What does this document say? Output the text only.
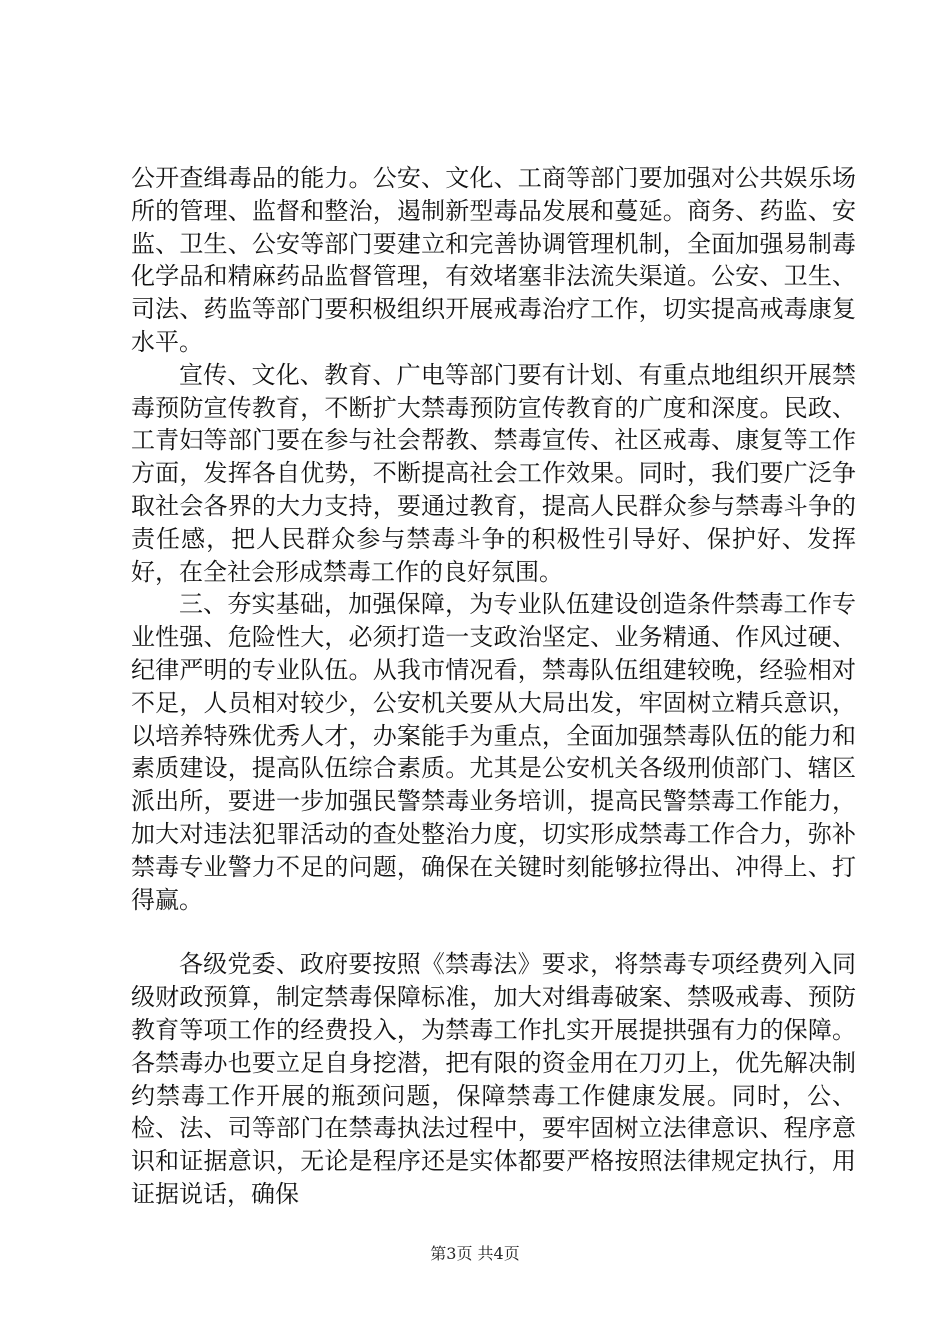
公开查缉毒品的能力。公安、文化、工商等部门要加强对公共娱乐场所的管理、监督和整治，遏制新型毒品发展和蔓延。商务、药监、安监、卫生、公安等部门要建立和完善协调管理机制，全面加强易制毒化学品和精麻药品监督管理，有效堵塞非法流失渠道。公安、卫生、司法、药监等部门要积极组织开展戒毒治疗工作，切实提高戒毒康复水平。

宣传、文化、教育、广电等部门要有计划、有重点地组织开展禁毒预防宣传教育，不断扩大禁毒预防宣传教育的广度和深度。民政、工青妇等部门要在参与社会帮教、禁毒宣传、社区戒毒、康复等工作方面，发挥各自优势，不断提高社会工作效果。同时，我们要广泛争取社会各界的大力支持，要通过教育，提高人民群众参与禁毒斗争的责任感，把人民群众参与禁毒斗争的积极性引导好、保护好、发挥好，在全社会形成禁毒工作的良好氛围。

三、夯实基础，加强保障，为专业队伍建设创造条件禁毒工作专业性强、危险性大，必须打造一支政治坚定、业务精通、作风过硬、纪律严明的专业队伍。从我市情况看，禁毒队伍组建较晚，经验相对不足，人员相对较少，公安机关要从大局出发，牢固树立精兵意识，以培养特殊优秀人才，办案能手为重点，全面加强禁毒队伍的能力和素质建设，提高队伍综合素质。尤其是公安机关各级刑侦部门、辖区派出所，要进一步加强民警禁毒业务培训，提高民警禁毒工作能力，加大对违法犯罪活动的查处整治力度，切实形成禁毒工作合力，弥补禁毒专业警力不足的问题，确保在关键时刻能够拉得出、冲得上、打得赢。

各级党委、政府要按照《禁毒法》要求，将禁毒专项经费列入同级财政预算，制定禁毒保障标准，加大对缉毒破案、禁吸戒毒、预防教育等项工作的经费投入，为禁毒工作扎实开展提拱强有力的保障。各禁毒办也要立足自身挖潜，把有限的资金用在刀刃上，优先解决制约禁毒工作开展的瓶颈问题，保障禁毒工作健康发展。同时，公、检、法、司等部门在禁毒执法过程中，要牢固树立法律意识、程序意识和证据意识，无论是程序还是实体都要严格按照法律规定执行，用证据说话，确保

第3页 共4页
